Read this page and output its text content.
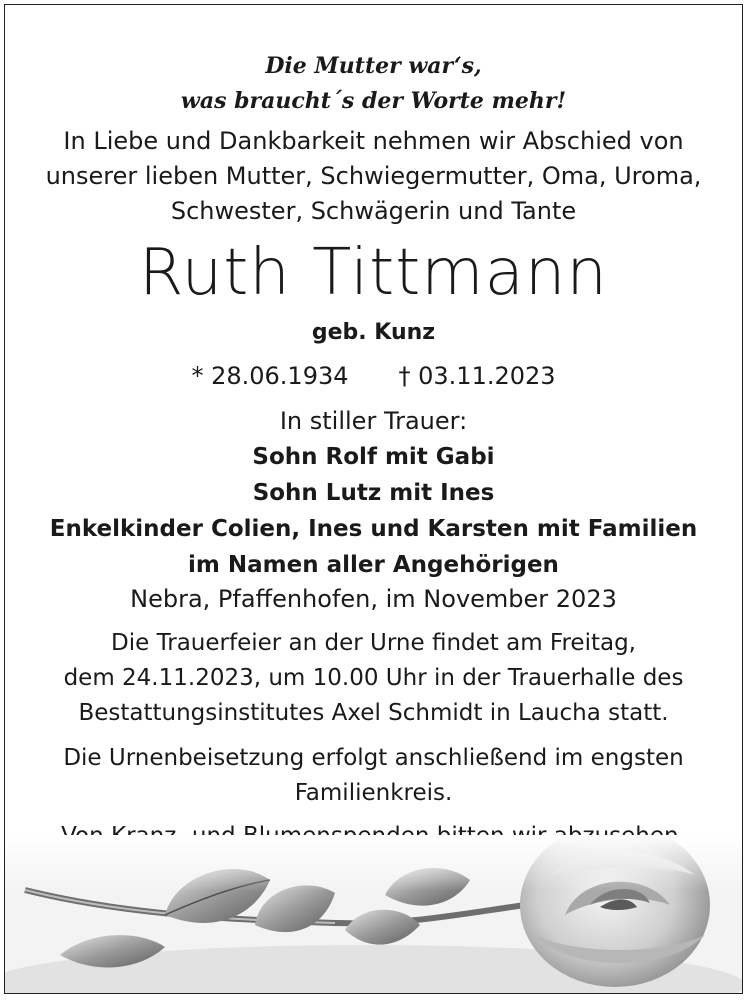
Die Mutter war‘s,
was braucht´s der Worte mehr!
In Liebe und Dankbarkeit nehmen wir Abschied von
unserer lieben Mutter, Schwiegermutter, Oma, Uroma,
Schwester, Schwägerin und Tante
Ruth Tittmann
geb. Kunz
* 28.06.1934 † 03.11.2023
In stiller Trauer:
Sohn Rolf mit Gabi
Sohn Lutz mit Ines
Enkelkinder Colien, Ines und Karsten mit Familien
im Namen aller Angehörigen
Nebra, Pfaffenhofen, im November 2023
Die Trauerfeier an der Urne findet am Freitag,
dem 24.11.2023, um 10.00 Uhr in der Trauerhalle des
Bestattungsinstitutes Axel Schmidt in Laucha statt.
Die Urnenbeisetzung erfolgt anschließend im engsten
Familienkreis.
